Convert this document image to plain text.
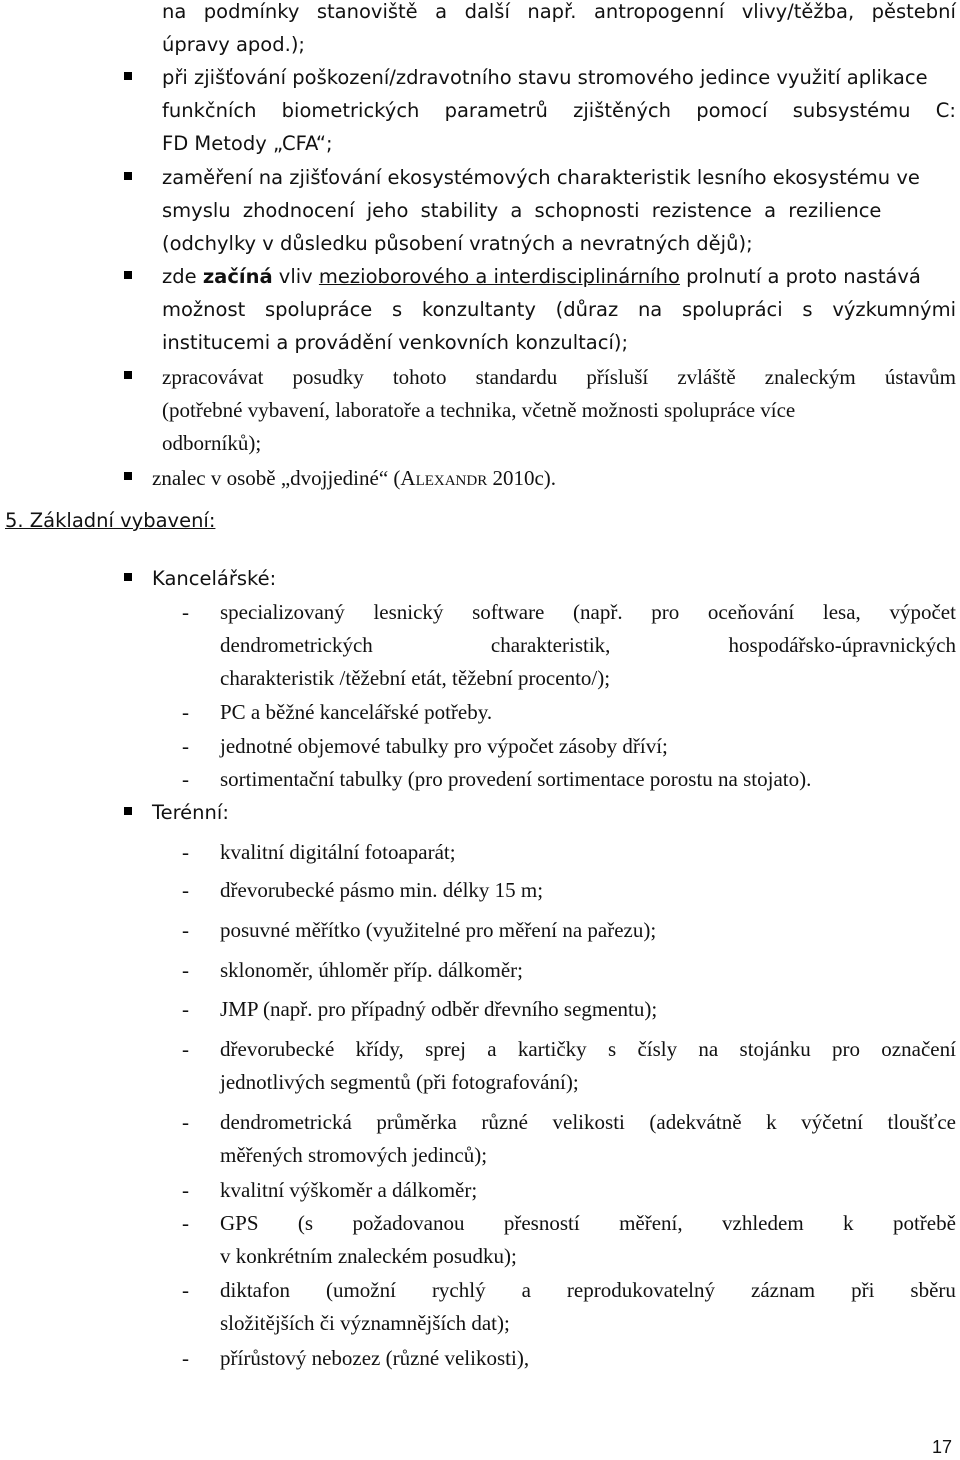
na podmínky stanoviště a další např. antropogenní vlivy/těžba, pěstební
úpravy apod.);
při zjišťování poškození/zdravotního stavu stromového jedince využití aplikace
funkčních biometrických parametrů zjištěných pomocí subsystému C:
FD Metody „CFA“;
zaměření na zjišťování ekosystémových charakteristik lesního ekosystému ve
smyslu zhodnocení jeho stability a schopnosti rezistence a rezilience
(odchylky v důsledku působení vratných a nevratných dějů);
zde začíná vliv mezioborového a interdisciplinárního prolnutí a proto nastává
možnost spolupráce s konzultanty (důraz na spolupráci s výzkumnými
institucemi a provádění venkovních konzultací);
zpracovávat posudky tohoto standardu přísluší zvláště znaleckým ústavům
(potřebné vybavení, laboratoře a technika, včetně možnosti spolupráce více
odborníků);
znalec v osobě „dvojjediné“ (Alexandr 2010c).
5. Základní vybavení:
Kancelářské:
- specializovaný lesnický software (např. pro oceňování lesa, výpočet
dendrometrických	charakteristik,	hospodářsko-úpravnických
charakteristik /těžební etát, těžební procento/);
- PC a běžné kancelářské potřeby.
- jednotné objemové tabulky pro výpočet zásoby dříví;
- sortimentační tabulky (pro provedení sortimentace porostu na stojato).
Terénní:
- kvalitní digitální fotoaparát;
- dřevorubecké pásmo min. délky 15 m;
- posuvné měřítko (využitelné pro měření na pařezu);
- sklonoměr, úhloměr příp. dálkoměr;
- JMP (např. pro případný odběr dřevního segmentu);
- dřevorubecké křídy, sprej a kartičky s čísly na stojánku pro označení
jednotlivých segmentů (při fotografování);
- dendrometrická průměrka různé velikosti (adekvátně k výčetní tloušťce
měřených stromových jedinců);
- kvalitní výškoměr a dálkoměr;
- GPS (s požadovanou přesností měření, vzhledem k potřebě
v konkrétním znaleckém posudku);
- diktafon (umožní rychlý a reprodukovatelný záznam při sběru
složitějších či významnějších dat);
- přírůstový nebozez (různé velikosti),
17
